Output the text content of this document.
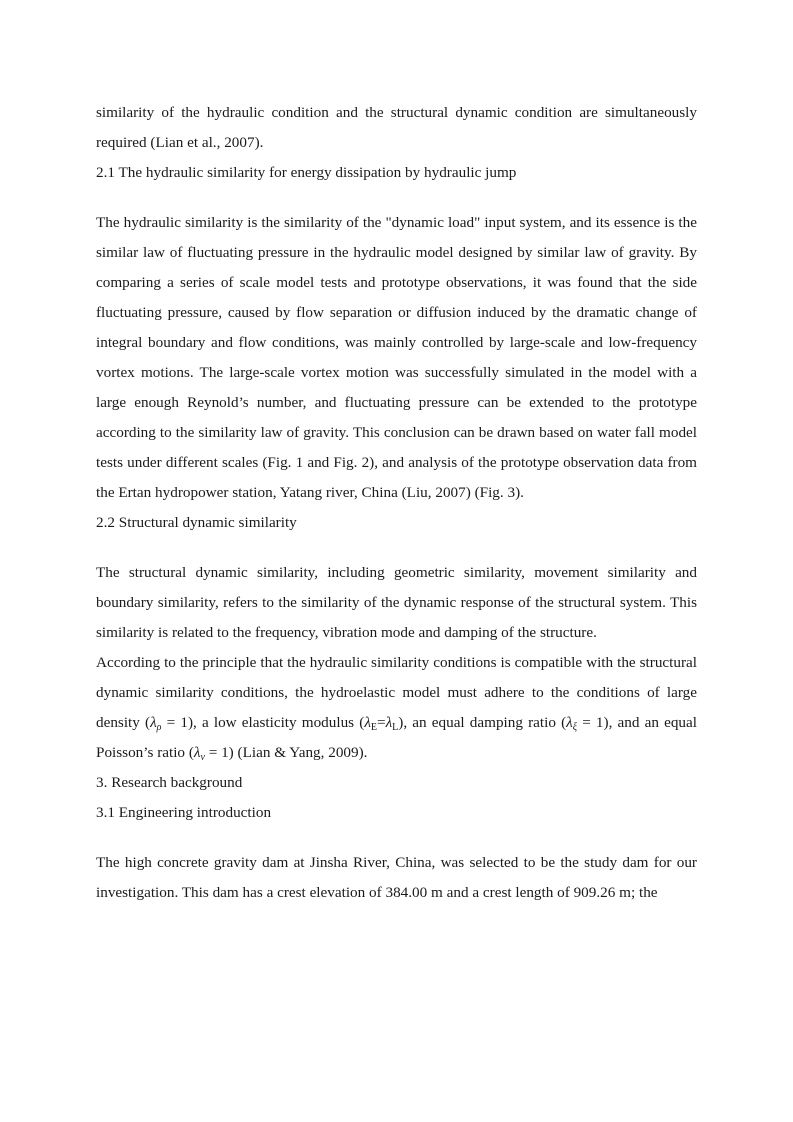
similarity of the hydraulic condition and the structural dynamic condition are simultaneously required (Lian et al., 2007).

2.1 The hydraulic similarity for energy dissipation by hydraulic jump

The hydraulic similarity is the similarity of the "dynamic load" input system, and its essence is the similar law of fluctuating pressure in the hydraulic model designed by similar law of gravity. By comparing a series of scale model tests and prototype observations, it was found that the side fluctuating pressure, caused by flow separation or diffusion induced by the dramatic change of integral boundary and flow conditions, was mainly controlled by large-scale and low-frequency vortex motions. The large-scale vortex motion was successfully simulated in the model with a large enough Reynold’s number, and fluctuating pressure can be extended to the prototype according to the similarity law of gravity. This conclusion can be drawn based on water fall model tests under different scales (Fig. 1 and Fig. 2), and analysis of the prototype observation data from the Ertan hydropower station, Yatang river, China (Liu, 2007) (Fig. 3).

2.2 Structural dynamic similarity

The structural dynamic similarity, including geometric similarity, movement similarity and boundary similarity, refers to the similarity of the dynamic response of the structural system. This similarity is related to the frequency, vibration mode and damping of the structure.

According to the principle that the hydraulic similarity conditions is compatible with the structural dynamic similarity conditions, the hydroelastic model must adhere to the conditions of large density $(\lambda_\rho = 1)$, a low elasticity modulus $(\lambda_E=\lambda_L)$, an equal damping ratio $(\lambda_\xi = 1)$, and an equal Poisson’s ratio $(\lambda_v = 1)$ (Lian & Yang, 2009).

3. Research background

3.1 Engineering introduction

The high concrete gravity dam at Jinsha River, China, was selected to be the study dam for our investigation. This dam has a crest elevation of 384.00 m and a crest length of 909.26 m; the
